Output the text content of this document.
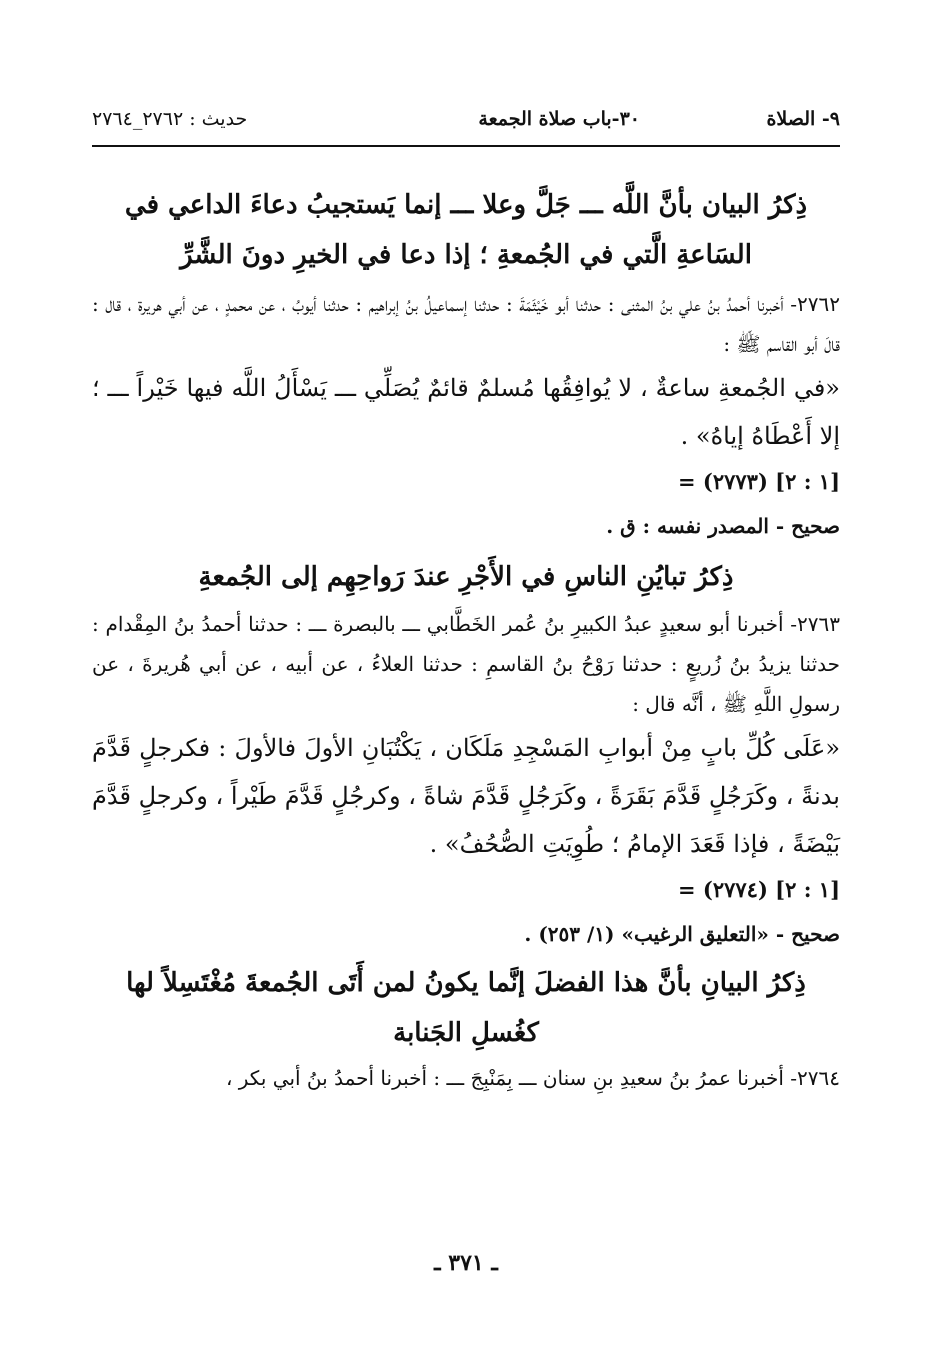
٩- الصلاة
٣٠-باب صلاة الجمعة
حديث : ٢٧٦٢_٢٧٦٤

ذِكرُ البيان بأنَّ اللَّه ـــ جَلَّ وعلا ـــ إنما يَستجيبُ دعاءَ الداعي في السَاعةِ الَّتي في الجُمعةِ ؛ إذا دعا في الخيرِ دونَ الشَّرِّ

٢٧٦٢- أخبرنا أحمدُ بنُ علي بنُ المثنى : حدثنا أبو خَيْثَمَةَ : حدثنا إسماعيلُ بنُ إبراهيم : حدثنا أيوبُ ، عن محمدٍ ، عن أبي هريرة ، قال : قالَ أبو القاسم ﷺ :

«في الجُمعةِ ساعةٌ ، لا يُوافِقُها مُسلمٌ قائمٌ يُصَلِّي ـــ يَسْأَلُ اللَّه فيها خَيْراً ـــ ؛ إلا أَعْطَاهُ إياهُ» .

= (٢٧٧٣) [١ : ٢]

صحيح - المصدر نفسه : ق .

ذِكرُ تبايُنِ الناسِ في الأَجْرِ عندَ رَواحِهِم إلى الجُمعةِ

٢٧٦٣- أخبرنا أبو سعيدٍ عبدُ الكبيرِ بنُ عُمر الخَطَّابي ـــ بالبصرة ـــ : حدثنا أحمدُ بنُ المِقْدام : حدثنا يزيدُ بنُ زُريعٍ : حدثنا رَوْحُ بنُ القاسمِ : حدثنا العلاءُ ، عن أبيه ، عن أبي هُريرةَ ، عن رسولِ اللَّهِ ﷺ ، أنَّه قال :

«عَلَى كُلِّ بابٍ مِنْ أبوابِ المَسْجِدِ مَلَكَان ، يَكْتُبَانِ الأولَ فالأولَ : فكرجلٍ قَدَّمَ بدنةً ، وكَرَجُلٍ قَدَّمَ بَقَرَةً ، وكَرَجُلٍ قَدَّمَ شاةً ، وكرجُلٍ قَدَّمَ طَيْراً ، وكرجلٍ قَدَّمَ بَيْضَةً ، فإذا قَعَدَ الإمامُ ؛ طُوِيَتِ الصُّحُفُ» .

= (٢٧٧٤) [١ : ٢]

صحيح - «التعليق الرغيب» (١/ ٢٥٣) .

ذِكرُ البيانِ بأنَّ هذا الفضلَ إنَّما يكونُ لمن أَتَى الجُمعةَ مُغْتَسِلاً لها كغُسلِ الجَنابة

٢٧٦٤- أخبرنا عمرُ بنُ سعيدِ بنِ سنان ـــ بِمَنْبِجَ ـــ : أخبرنا أحمدُ بنُ أبي بكر ،

ـ ٣٧١ ـ
